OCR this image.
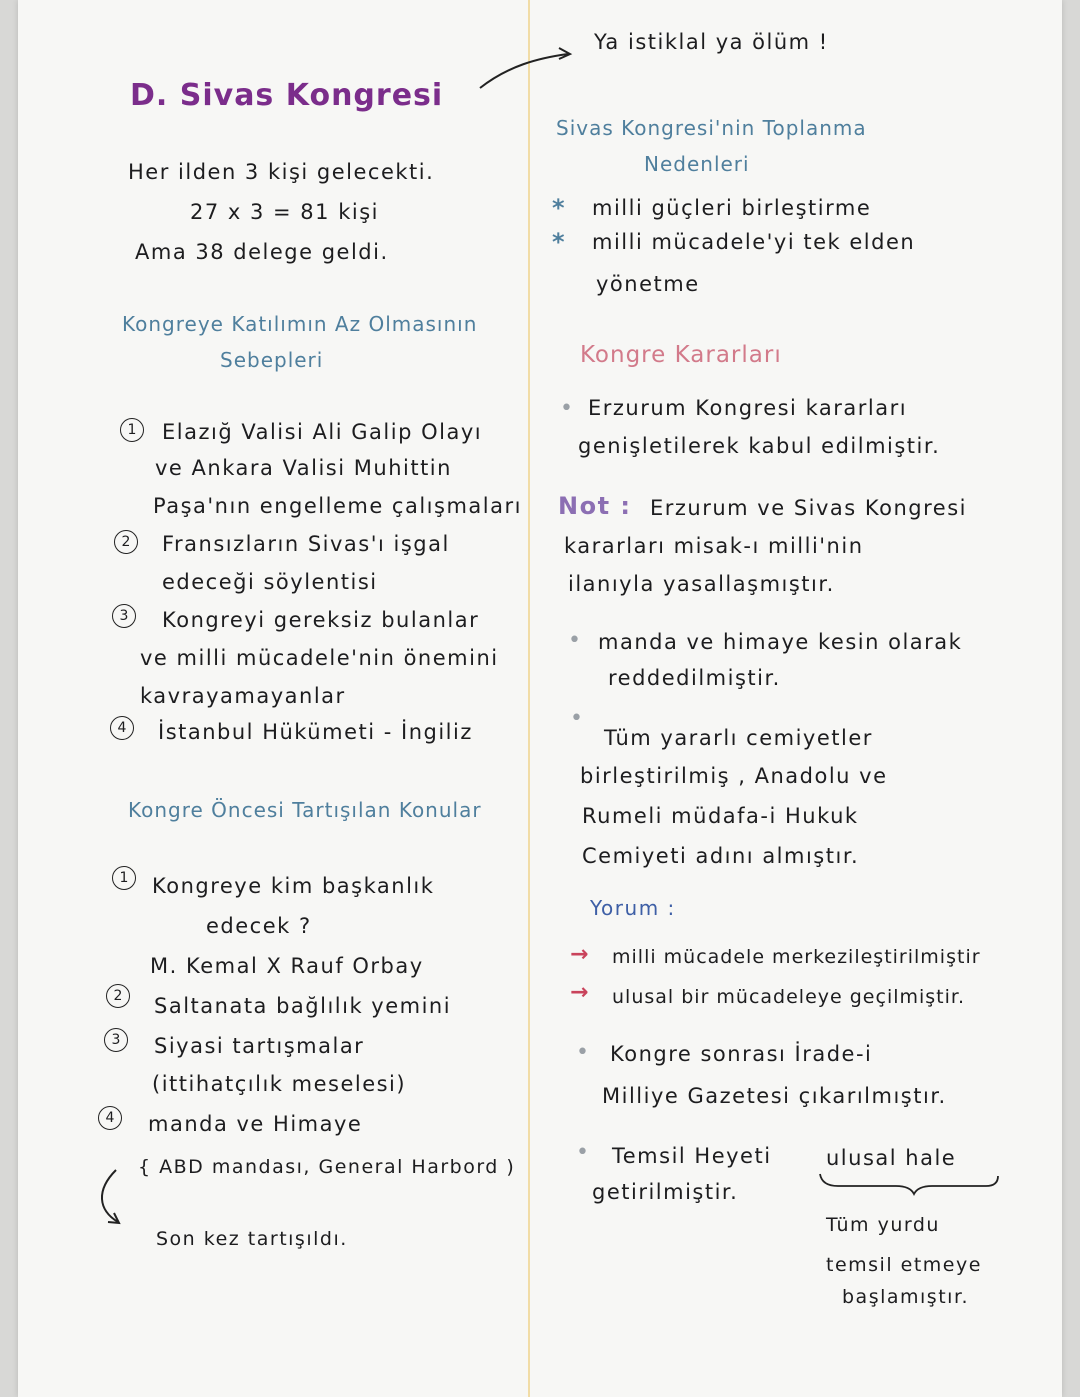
D. Sivas Kongresi
Her ilden 3 kişi gelecekti.
27 x 3 = 81 kişi
Ama 38 delege geldi.
Kongreye Katılımın Az Olmasının
Sebepleri
1	Elazığ Valisi Ali Galip Olayı
ve Ankara Valisi Muhittin
Paşa'nın engelleme çalışmaları
2	Fransızların Sivas'ı işgal
edeceği söylentisi
3	Kongreyi gereksiz bulanlar
ve milli mücadele'nin önemini
kavrayamayanlar
4	İstanbul Hükümeti - İngiliz
Kongre Öncesi Tartışılan Konular
1	Kongreye kim başkanlık
edecek ?
M. Kemal X Rauf Orbay
2	Saltanata bağlılık yemini
3	Siyasi tartışmalar
(ittihatçılık meselesi)
4	manda ve Himaye
{ ABD mandası, General Harbord )
Son kez tartışıldı.
Ya istiklal ya ölüm !
Sivas Kongresi'nin Toplanma
Nedenleri
* milli güçleri birleştirme
* milli mücadele'yi tek elden
yönetme
Kongre Kararları
• Erzurum Kongresi kararları
genişletilerek kabul edilmiştir.
Not : Erzurum ve Sivas Kongresi
kararları misak-ı milli'nin
ilanıyla yasallaşmıştır.
• manda ve himaye kesin olarak
reddedilmiştir.
•
Tüm yararlı cemiyetler
birleştirilmiş , Anadolu ve
Rumeli müdafa-i Hukuk
Cemiyeti adını almıştır.
Yorum :
→ milli mücadele merkezileştirilmiştir
→ ulusal bir mücadeleye geçilmiştir.
• Kongre sonrası İrade-i
Milliye Gazetesi çıkarılmıştır.
• Temsil Heyeti	ulusal hale
getirilmiştir.
Tüm yurdu
temsil etmeye
başlamıştır.
